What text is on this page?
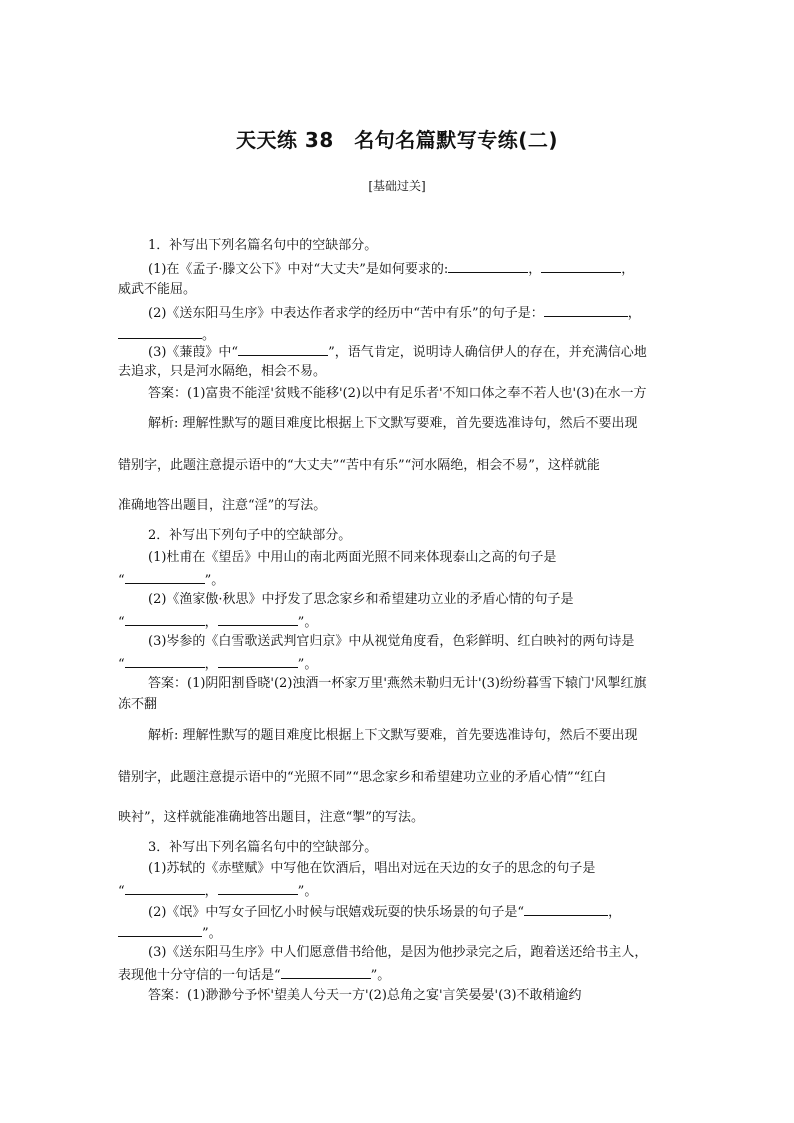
天天练 38　名句名篇默写专练(二)
[基础过关]
1．补写出下列名篇名句中的空缺部分。
(1)在《孟子·滕文公下》中对“大丈夫”是如何要求的:	，	，
威武不能屈。
(2)《送东阳马生序》中表达作者求学的经历中“苦中有乐”的句子是：	，
。
(3)《蒹葭》中“	”，语气肯定，说明诗人确信伊人的存在，并充满信心地
去追求，只是河水隔绝，相会不易。
答案：(1)富贵不能淫'贫贱不能移'(2)以中有足乐者'不知口体之奉不若人也'(3)在水一方
解析: 理解性默写的题目难度比根据上下文默写要难，首先要选准诗句，然后不要出现
错别字，此题注意提示语中的“大丈夫”“苦中有乐”“河水隔绝，相会不易”，这样就能
准确地答出题目，注意“淫”的写法。
2．补写出下列句子中的空缺部分。
(1)杜甫在《望岳》中用山的南北两面光照不同来体现泰山之高的句子是
“	”。
(2)《渔家傲·秋思》中抒发了思念家乡和希望建功立业的矛盾心情的句子是
“	，	”。
(3)岑参的《白雪歌送武判官归京》中从视觉角度看，色彩鲜明、红白映衬的两句诗是
“	，	”。
答案：(1)阴阳割昏晓'(2)浊酒一杯家万里'燕然未勒归无计'(3)纷纷暮雪下辕门'风掣红旗
冻不翻
解析: 理解性默写的题目难度比根据上下文默写要难，首先要选准诗句，然后不要出现
错别字，此题注意提示语中的“光照不同”“思念家乡和希望建功立业的矛盾心情”“红白
映衬”，这样就能准确地答出题目，注意“掣”的写法。
3．补写出下列名篇名句中的空缺部分。
(1)苏轼的《赤壁赋》中写他在饮酒后，唱出对远在天边的女子的思念的句子是
“	，	”。
(2)《氓》中写女子回忆小时候与氓嬉戏玩耍的快乐场景的句子是“	，
”。
(3)《送东阳马生序》中人们愿意借书给他，是因为他抄录完之后，跑着送还给书主人，
表现他十分守信的一句话是“	”。
答案：(1)渺渺兮予怀'望美人兮天一方'(2)总角之宴'言笑晏晏'(3)不敢稍逾约
